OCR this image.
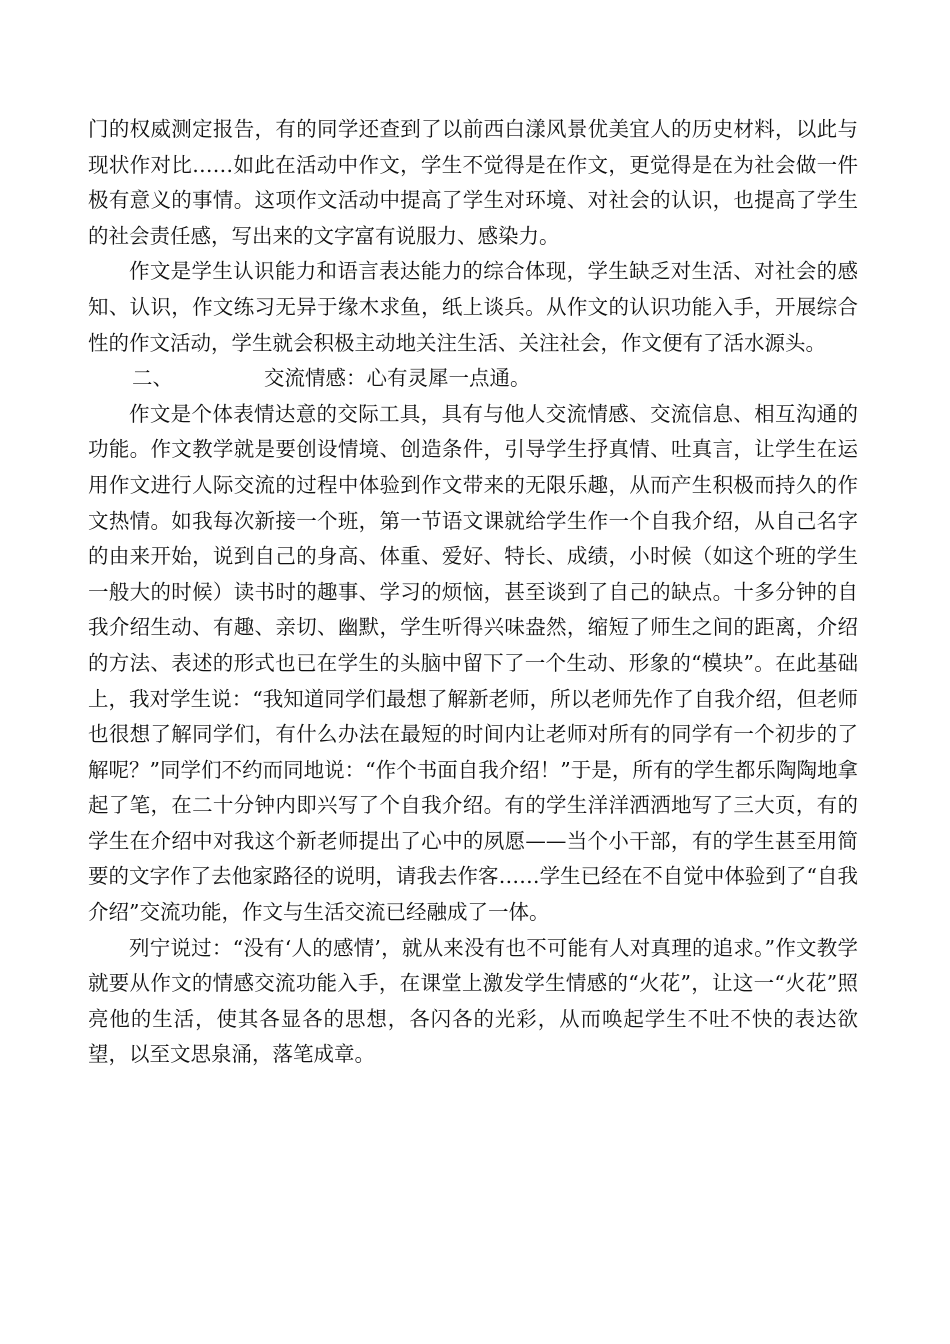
门的权威测定报告，有的同学还查到了以前西白漾风景优美宜人的历史材料，以此与现状作对比……如此在活动中作文，学生不觉得是在作文，更觉得是在为社会做一件极有意义的事情。这项作文活动中提高了学生对环境、对社会的认识，也提高了学生的社会责任感，写出来的文字富有说服力、感染力。

作文是学生认识能力和语言表达能力的综合体现，学生缺乏对生活、对社会的感知、认识，作文练习无异于缘木求鱼，纸上谈兵。从作文的认识功能入手，开展综合性的作文活动，学生就会积极主动地关注生活、关注社会，作文便有了活水源头。

二、	交流情感：心有灵犀一点通。

作文是个体表情达意的交际工具，具有与他人交流情感、交流信息、相互沟通的功能。作文教学就是要创设情境、创造条件，引导学生抒真情、吐真言，让学生在运用作文进行人际交流的过程中体验到作文带来的无限乐趣，从而产生积极而持久的作文热情。如我每次新接一个班，第一节语文课就给学生作一个自我介绍，从自己名字的由来开始，说到自己的身高、体重、爱好、特长、成绩，小时候（如这个班的学生一般大的时候）读书时的趣事、学习的烦恼，甚至谈到了自己的缺点。十多分钟的自我介绍生动、有趣、亲切、幽默，学生听得兴味盎然，缩短了师生之间的距离，介绍的方法、表述的形式也已在学生的头脑中留下了一个生动、形象的“模块”。在此基础上，我对学生说：“我知道同学们最想了解新老师，所以老师先作了自我介绍，但老师也很想了解同学们，有什么办法在最短的时间内让老师对所有的同学有一个初步的了解呢？”同学们不约而同地说：“作个书面自我介绍！”于是，所有的学生都乐陶陶地拿起了笔，在二十分钟内即兴写了个自我介绍。有的学生洋洋洒洒地写了三大页，有的学生在介绍中对我这个新老师提出了心中的夙愿——当个小干部，有的学生甚至用简要的文字作了去他家路径的说明，请我去作客……学生已经在不自觉中体验到了“自我介绍”交流功能，作文与生活交流已经融成了一体。

列宁说过：“没有‘人的感情’，就从来没有也不可能有人对真理的追求。”作文教学就要从作文的情感交流功能入手，在课堂上激发学生情感的“火花”，让这一“火花”照亮他的生活，使其各显各的思想，各闪各的光彩，从而唤起学生不吐不快的表达欲望，以至文思泉涌，落笔成章。
